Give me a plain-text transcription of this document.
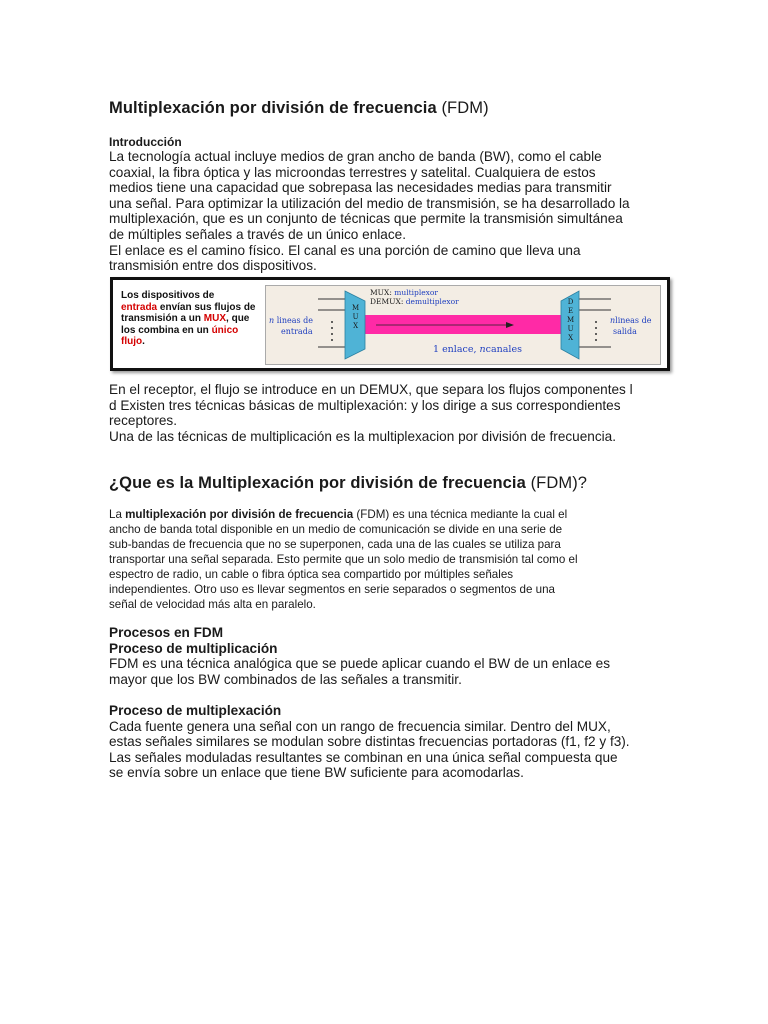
Multiplexación por división de frecuencia (FDM)
Introducción

La tecnología actual incluye medios de gran ancho de banda (BW), como el cable

coaxial, la fibra óptica y las microondas terrestres y satelital. Cualquiera de estos

medios tiene una capacidad que sobrepasa las necesidades medias para transmitir

una señal. Para optimizar la utilización del medio de transmisión, se ha desarrollado la

multiplexación, que es un conjunto de técnicas que permite la transmisión simultánea

de múltiples señales a través de un único enlace.

El enlace es el camino físico. El canal es una porción de camino que lleva una

transmisión entre dos dispositivos.

Los dispositivos de
entrada envían sus flujos de transmisión a un MUX, que los combina en un único flujo.
M
U
X
D
E
M
U
X
n lineas de
entrada
nlineas de
salida
MUX: multiplexor
DEMUX: demultiplexor
1 enlace, ncanales

En el receptor, el flujo se introduce en un DEMUX, que separa los flujos componentes l

d Existen tres técnicas básicas de multiplexación: y los dirige a sus correspondientes

receptores.

Una de las técnicas de multiplicación es la multiplexacion por división de frecuencia.

¿Que es la Multiplexación por división de frecuencia (FDM)?

La multiplexación por división de frecuencia (FDM) es una técnica mediante la cual el

ancho de banda total disponible en un medio de comunicación se divide en una serie de

sub-bandas de frecuencia que no se superponen, cada una de las cuales se utiliza para

transportar una señal separada. Esto permite que un solo medio de transmisión tal como el

espectro de radio, un cable o fibra óptica sea compartido por múltiples señales

independientes. Otro uso es llevar segmentos en serie separados o segmentos de una

señal de velocidad más alta en paralelo.

Procesos en FDM

Proceso de multiplicación

FDM es una técnica analógica que se puede aplicar cuando el BW de un enlace es

mayor que los BW combinados de las señales a transmitir.

Proceso de multiplexación

Cada fuente genera una señal con un rango de frecuencia similar. Dentro del MUX,

estas señales similares se modulan sobre distintas frecuencias portadoras (f1, f2 y f3).

Las señales moduladas resultantes se combinan en una única señal compuesta que

se envía sobre un enlace que tiene BW suficiente para acomodarlas.
